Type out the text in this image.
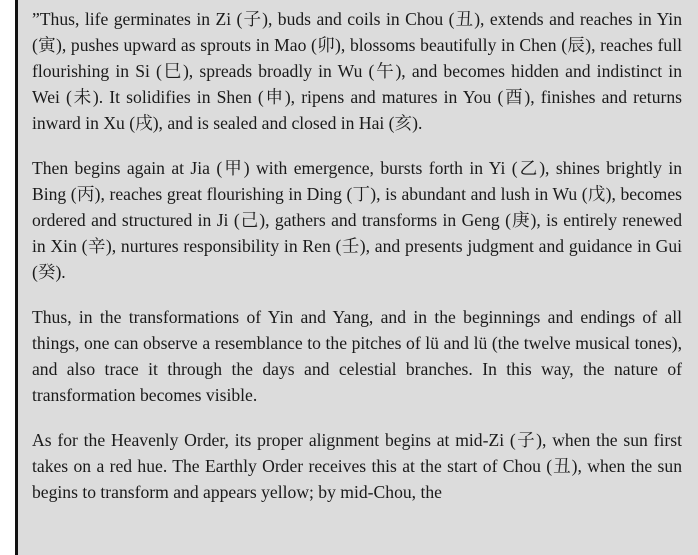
”Thus, life germinates in Zi (子), buds and coils in Chou (丑), extends and reaches in Yin (寅), pushes upward as sprouts in Mao (卯), blossoms beautifully in Chen (辰), reaches full flourishing in Si (巳), spreads broadly in Wu (午), and becomes hidden and indistinct in Wei (未). It solidifies in Shen (申), ripens and matures in You (酉), finishes and returns inward in Xu (戌), and is sealed and closed in Hai (亥).

Then begins again at Jia (甲) with emergence, bursts forth in Yi (乙), shines brightly in Bing (丙), reaches great flourishing in Ding (丁), is abundant and lush in Wu (戊), becomes ordered and structured in Ji (己), gathers and transforms in Geng (庚), is entirely renewed in Xin (辛), nurtures responsibility in Ren (壬), and presents judgment and guidance in Gui (癸).

Thus, in the transformations of Yin and Yang, and in the beginnings and endings of all things, one can observe a resemblance to the pitches of lü and lü (the twelve musical tones), and also trace it through the days and celestial branches. In this way, the nature of transformation becomes visible.

As for the Heavenly Order, its proper alignment begins at mid-Zi (子), when the sun first takes on a red hue. The Earthly Order receives this at the start of Chou (丑), when the sun begins to transform and appears yellow; by mid-Chou, the
